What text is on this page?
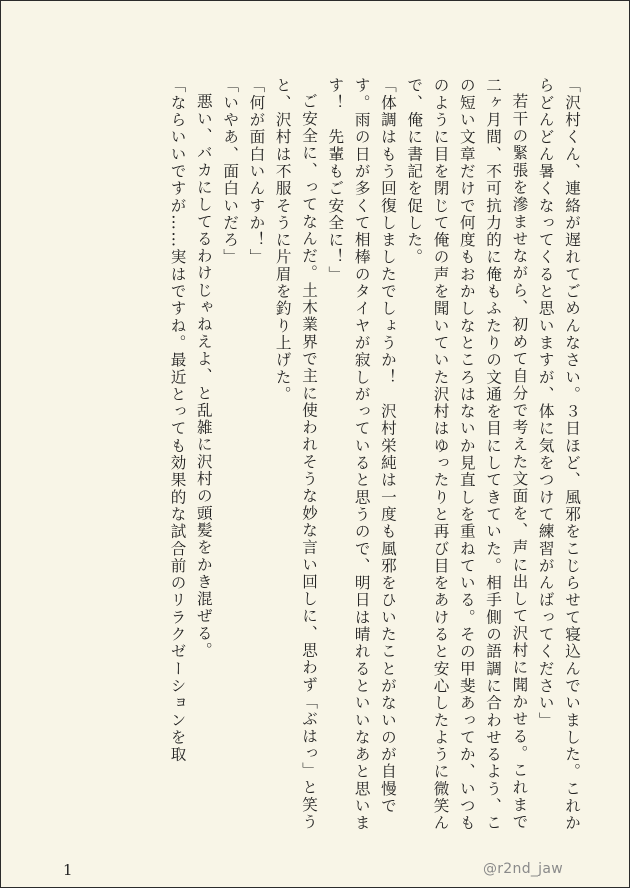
「沢村くん、連絡が遅れてごめんなさい。３日ほど、風邪をこじらせて寝込んでいました。これからどんどん暑くなってくると思いますが、体に気をつけて練習がんばってください」

若干の緊張を滲ませながら、初めて自分で考えた文面を、声に出して沢村に聞かせる。これまで二ヶ月間、不可抗力的に俺もふたりの文通を目にしてきていた。相手側の語調に合わせるよう、この短い文章だけで何度もおかしなところはないか見直しを重ねている。その甲斐あってか、いつものように目を閉じて俺の声を聞いていた沢村はゆったりと再び目をあけると安心したように微笑んで、俺に書記を促した。

「体調はもう回復しましたでしょうか！　沢村栄純は一度も風邪をひいたことがないのが自慢です。雨の日が多くて相棒のタイヤが寂しがっていると思うので、明日は晴れるといいなあと思います！　先輩もご安全に！」

ご安全に、ってなんだ。土木業界で主に使われそうな妙な言い回しに、思わず「ぶはっ」と笑うと、沢村は不服そうに片眉を釣り上げた。

「何が面白いんすか！」

「いやあ、面白いだろ」

悪い、バカにしてるわけじゃねえよ、と乱雑に沢村の頭髪をかき混ぜる。

「ならいいですが……実はですね。最近とっても効果的な試合前のリラクゼーションを取

1	@r2nd_jaw
